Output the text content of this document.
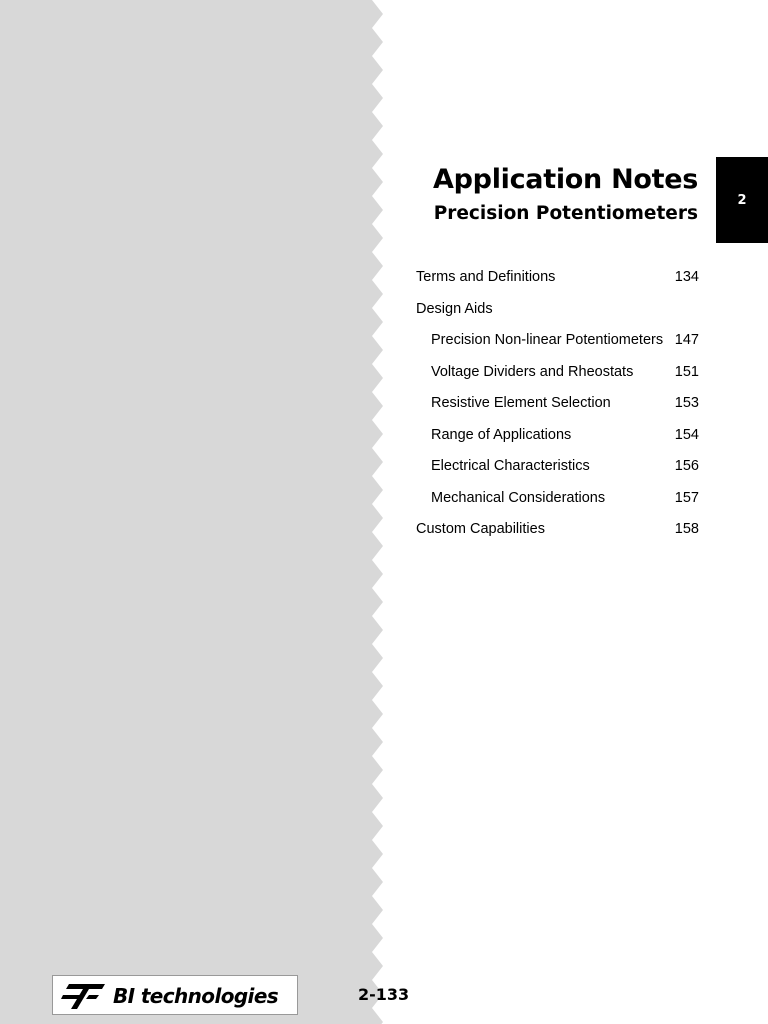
Application Notes
Precision Potentiometers
2
Terms and Definitions	134
Design Aids
Precision Non-linear Potentiometers 147
Voltage Dividers and Rheostats	151
Resistive Element Selection	153
Range of Applications	154
Electrical Characteristics	156
Mechanical Considerations	157
Custom Capabilities	158
BI technologies	2-133
